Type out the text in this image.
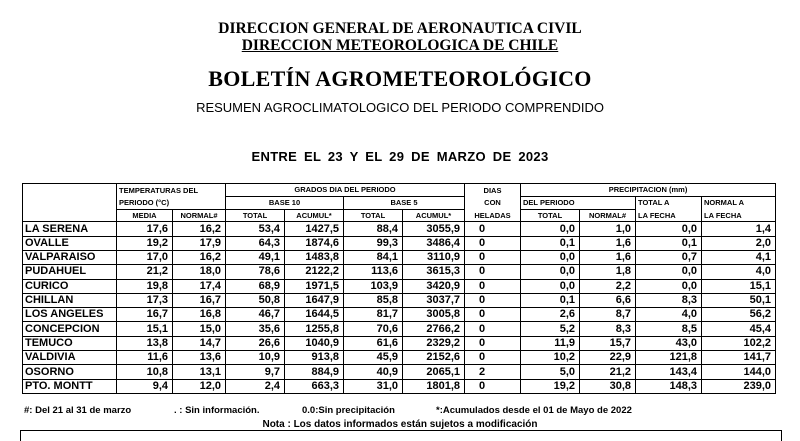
DIRECCION GENERAL DE AERONAUTICA CIVIL
DIRECCION METEOROLOGICA DE CHILE
BOLETÍN AGROMETEOROLÓGICO
RESUMEN AGROCLIMATOLOGICO DEL PERIODO COMPRENDIDO
ENTRE EL 23 Y EL 29 DE MARZO DE 2023
	TEMPERATURAS DEL		GRADOS DIA DEL PERIODO				DIAS	PRECIPITACION (mm)			
	PERIODO (°C)		BASE 10		BASE 5		CON	DEL PERIODO		TOTAL A	NORMAL A
	MEDIA	NORMAL#	TOTAL	ACUMUL*	TOTAL	ACUMUL*	HELADAS	TOTAL	NORMAL#	LA FECHA	LA FECHA
LA SERENA	17,6	16,2	53,4	1427,5	88,4	3055,9	0	0,0	1,0	0,0	1,4
OVALLE	19,2	17,9	64,3	1874,6	99,3	3486,4	0	0,1	1,6	0,1	2,0
VALPARAISO	17,0	16,2	49,1	1483,8	84,1	3110,9	0	0,0	1,6	0,7	4,1
PUDAHUEL	21,2	18,0	78,6	2122,2	113,6	3615,3	0	0,0	1,8	0,0	4,0
CURICO	19,8	17,4	68,9	1971,5	103,9	3420,9	0	0,0	2,2	0,0	15,1
CHILLAN	17,3	16,7	50,8	1647,9	85,8	3037,7	0	0,1	6,6	8,3	50,1
LOS ANGELES	16,7	16,8	46,7	1644,5	81,7	3005,8	0	2,6	8,7	4,0	56,2
CONCEPCION	15,1	15,0	35,6	1255,8	70,6	2766,2	0	5,2	8,3	8,5	45,4
TEMUCO	13,8	14,7	26,6	1040,9	61,6	2329,2	0	11,9	15,7	43,0	102,2
VALDIVIA	11,6	13,6	10,9	913,8	45,9	2152,6	0	10,2	22,9	121,8	141,7
OSORNO	10,8	13,1	9,7	884,9	40,9	2065,1	2	5,0	21,2	143,4	144,0
PTO. MONTT	9,4	12,0	2,4	663,3	31,0	1801,8	0	19,2	30,8	148,3	239,0
#: Del 21 al 31 de marzo	. : Sin información.	0.0:Sin precipitación	*:Acumulados desde el 01 de Mayo de 2022
Nota : Los datos informados están sujetos a modificación
